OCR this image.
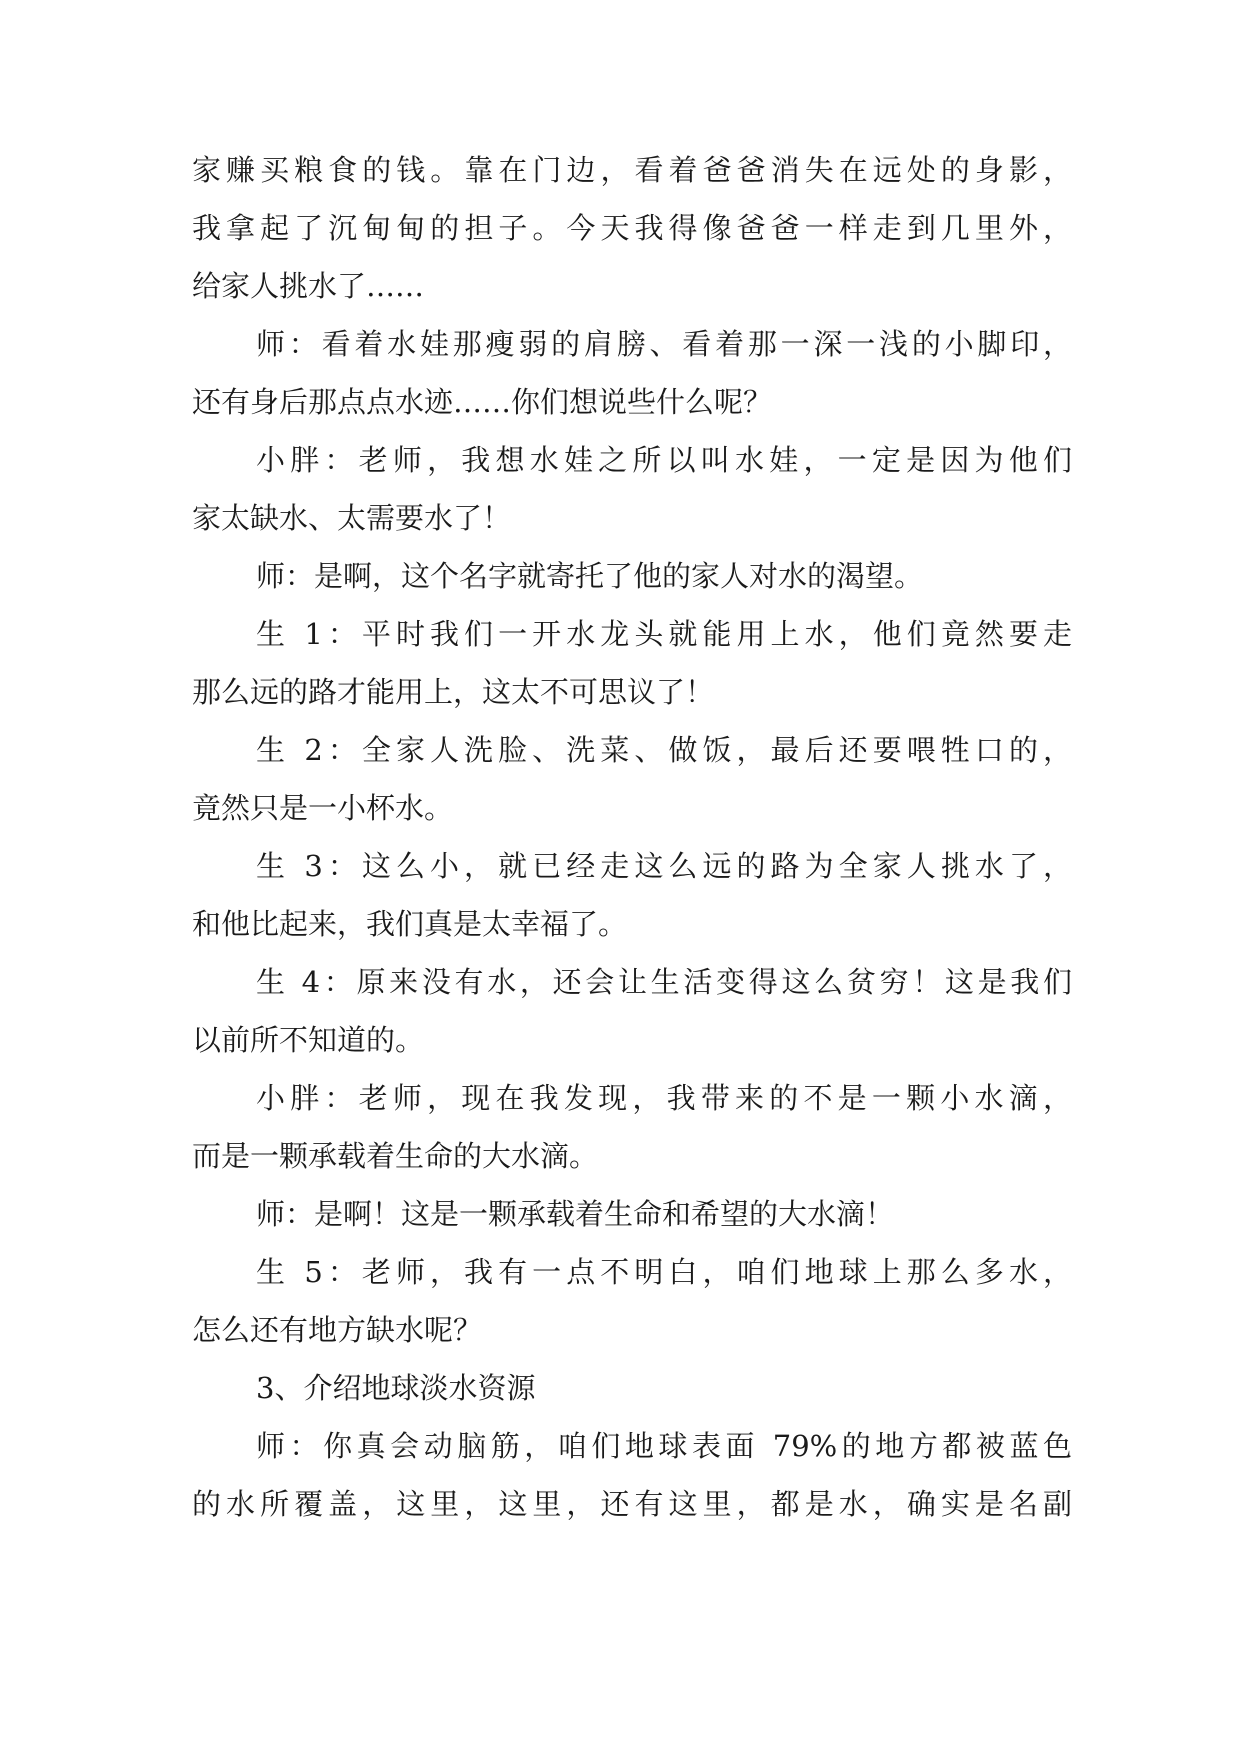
家赚买粮食的钱。靠在门边，看着爸爸消失在远处的身影，
我拿起了沉甸甸的担子。今天我得像爸爸一样走到几里外，
给家人挑水了……
师：看着水娃那瘦弱的肩膀、看着那一深一浅的小脚印，
还有身后那点点水迹……你们想说些什么呢？
小胖：老师，我想水娃之所以叫水娃，一定是因为他们
家太缺水、太需要水了！
师：是啊，这个名字就寄托了他的家人对水的渴望。
生 1：平时我们一开水龙头就能用上水，他们竟然要走
那么远的路才能用上，这太不可思议了！
生 2：全家人洗脸、洗菜、做饭，最后还要喂牲口的，
竟然只是一小杯水。
生 3：这么小，就已经走这么远的路为全家人挑水了，
和他比起来，我们真是太幸福了。
生 4：原来没有水，还会让生活变得这么贫穷！这是我们
以前所不知道的。
小胖：老师，现在我发现，我带来的不是一颗小水滴，
而是一颗承载着生命的大水滴。
师：是啊！这是一颗承载着生命和希望的大水滴！
生 5：老师，我有一点不明白，咱们地球上那么多水，
怎么还有地方缺水呢？
3、介绍地球淡水资源
师：你真会动脑筋，咱们地球表面 79%的地方都被蓝色
的水所覆盖，这里，这里，还有这里，都是水，确实是名副
